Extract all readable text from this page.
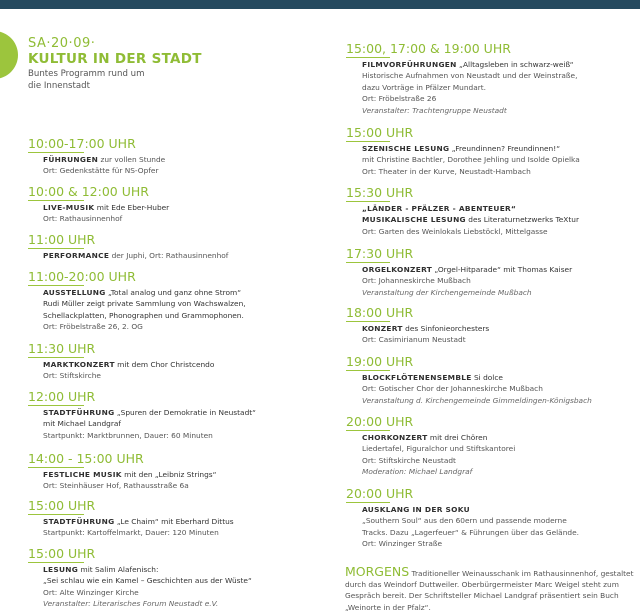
SA·20·09·
KULTUR IN DER STADT
Buntes Programm rund um die Innenstadt
10:00-17:00 UHR
FÜHRUNGEN zur vollen Stunde
Ort: Gedenkstätte für NS-Opfer
10:00 & 12:00 UHR
LIVE-MUSIK mit Ede Eber-Huber
Ort: Rathausinnenhof
11:00 UHR
PERFORMANCE der Juphi, Ort: Rathausinnenhof
11:00-20:00 UHR
AUSSTELLUNG „Total analog und ganz ohne Strom“
Rudi Müller zeigt private Sammlung von Wachswalzen,
Schellackplatten, Phonographen und Grammophonen.
Ort: Fröbelstraße 26, 2. OG
11:30 UHR
MARKTKONZERT mit dem Chor Christcendo
Ort: Stiftskirche
12:00 UHR
STADTFÜHRUNG „Spuren der Demokratie in Neustadt“
mit Michael Landgraf
Startpunkt: Marktbrunnen, Dauer: 60 Minuten
14:00 - 15:00 UHR
FESTLICHE MUSIK mit den „Leibniz Strings“
Ort: Steinhäuser Hof, Rathausstraße 6a
15:00 UHR
STADTFÜHRUNG „Le Chaim“ mit Eberhard Dittus
Startpunkt: Kartoffelmarkt, Dauer: 120 Minuten
15:00 UHR
LESUNG mit Salim Alafenisch:
„Sei schlau wie ein Kamel – Geschichten aus der Wüste“
Ort: Alte Winzinger Kirche
Veranstalter: Literarisches Forum Neustadt e.V.
15:00, 17:00 & 19:00 UHR
FILMVORFÜHRUNGEN „Alltagsleben in schwarz-weiß“
Historische Aufnahmen von Neustadt und der Weinstraße,
dazu Vorträge in Pfälzer Mundart.
Ort: Fröbelstraße 26
Veranstalter: Trachtengruppe Neustadt
15:00 UHR
SZENISCHE LESUNG „Freundinnen? Freundinnen!“
mit Christine Bachtler, Dorothee Jehling und Isolde Opielka
Ort: Theater in der Kurve, Neustadt-Hambach
15:30 UHR
„LÄNDER - PFÄLZER - ABENTEUER“
MUSIKALISCHE LESUNG des Literaturnetzwerks TeXtur
Ort: Garten des Weinlokals Liebstöckl, Mittelgasse
17:30 UHR
ORGELKONZERT „Orgel-Hitparade“ mit Thomas Kaiser
Ort: Johanneskirche Mußbach
Veranstaltung der Kirchengemeinde Mußbach
18:00 UHR
KONZERT des Sinfonieorchesters
Ort: Casimirianum Neustadt
19:00 UHR
BLOCKFLÖTENENSEMBLE Si dolce
Ort: Gotischer Chor der Johanneskirche Mußbach
Veranstaltung d. Kirchengemeinde Gimmeldingen-Königsbach
20:00 UHR
CHORKONZERT mit drei Chören
Liedertafel, Figuralchor und Stiftskantorei
Ort: Stiftskirche Neustadt
Moderation: Michael Landgraf
20:00 UHR
AUSKLANG IN DER SOKU
„Southern Soul“ aus den 60ern und passende moderne
Tracks. Dazu „Lagerfeuer“ & Führungen über das Gelände.
Ort: Winzinger Straße
MORGENS Traditioneller Weinausschank im Rathausinnenhof, gestaltet durch das Weindorf Duttweiler. Oberbürgermeister Marc Weigel steht zum Gespräch bereit. Der Schriftsteller Michael Landgraf präsentiert sein Buch „Weinorte in der Pfalz“.
